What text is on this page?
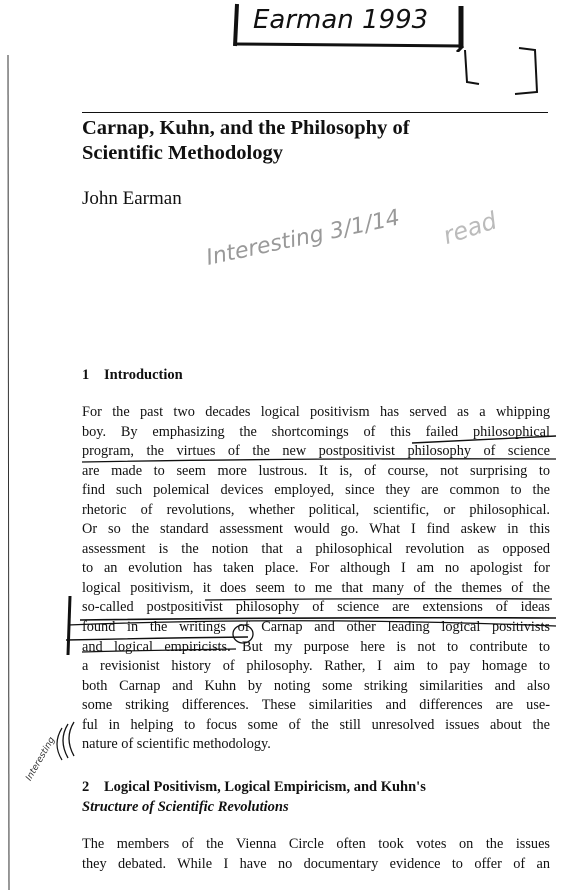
Earman 1993
Carnap, Kuhn, and the Philosophy of
Scientific Methodology

John Earman

Interesting 3/1/14 read
1 Introduction

For the past two decades logical positivism has served as a whipping
boy. By emphasizing the shortcomings of this failed philosophical
program, the virtues of the new postpositivist philosophy of science
are made to seem more lustrous. It is, of course, not surprising to
find such polemical devices employed, since they are common to the
rhetoric of revolutions, whether political, scientific, or philosophical.
Or so the standard assessment would go. What I find askew in this
assessment is the notion that a philosophical revolution as opposed
to an evolution has taken place. For although I am no apologist for
logical positivism, it does seem to me that many of the themes of the
so-called postpositivist philosophy of science are extensions of ideas
found in the writings of Carnap and other leading logical positivists
and logical empiricists. But my purpose here is not to contribute to
a revisionist history of philosophy. Rather, I aim to pay homage to
both Carnap and Kuhn by noting some striking similarities and also
some striking differences. These similarities and differences are use-
ful in helping to focus some of the still unresolved issues about the
nature of scientific methodology.

Interesting
2 Logical Positivism, Logical Empiricism, and Kuhn's
Structure of Scientific Revolutions

The members of the Vienna Circle often took votes on the issues
they debated. While I have no documentary evidence to offer of an
